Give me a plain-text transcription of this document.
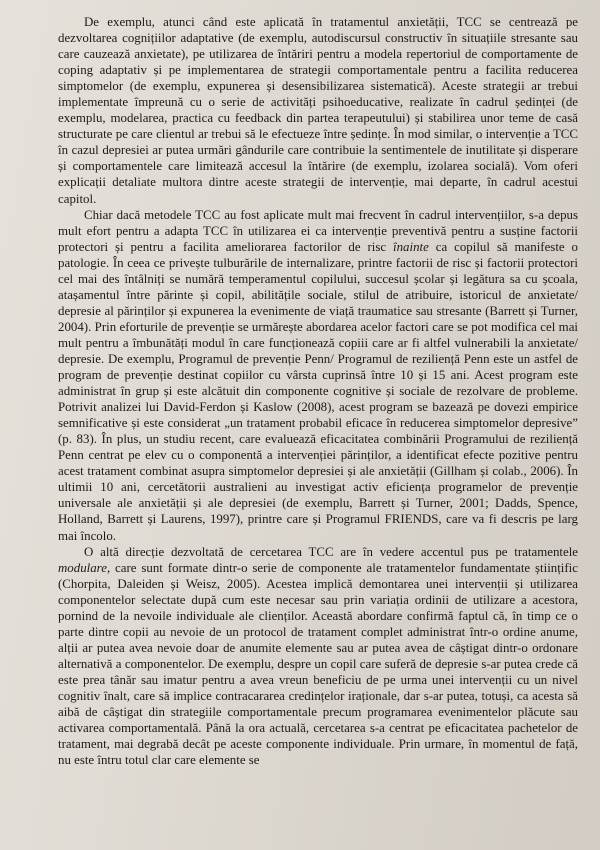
De exemplu, atunci când este aplicată în tratamentul anxietății, TCC se centrează pe dezvoltarea cognițiilor adaptative (de exemplu, autodiscursul constructiv în situațiile stresante sau care cauzează anxietate), pe utilizarea de întăriri pentru a modela repertoriul de comportamente de coping adaptativ și pe implementarea de strategii comportamentale pentru a facilita reducerea simptomelor (de exemplu, expunerea și desensibilizarea sistematică). Aceste strategii ar trebui implementate împreună cu o serie de activități psihoeducative, realizate în cadrul ședinței (de exemplu, modelarea, practica cu feedback din partea terapeutului) și stabilirea unor teme de casă structurate pe care clientul ar trebui să le efectueze între ședințe. În mod similar, o intervenție a TCC în cazul depresiei ar putea urmări gândurile care contribuie la sentimentele de inutilitate și disperare și comportamentele care limitează accesul la întărire (de exemplu, izolarea socială). Vom oferi explicații detaliate multora dintre aceste strategii de intervenție, mai departe, în cadrul acestui capitol.

Chiar dacă metodele TCC au fost aplicate mult mai frecvent în cadrul intervențiilor, s-a depus mult efort pentru a adapta TCC în utilizarea ei ca intervenție preventivă pentru a susține factorii protectori și pentru a facilita ameliorarea factorilor de risc înainte ca copilul să manifeste o patologie. În ceea ce privește tulburările de internalizare, printre factorii de risc și factorii protectori cel mai des întâlniți se numără temperamentul copilului, succesul școlar și legătura sa cu școala, atașamentul între părinte și copil, abilitățile sociale, stilul de atribuire, istoricul de anxietate/ depresie al părinților și expunerea la evenimente de viață traumatice sau stresante (Barrett și Turner, 2004). Prin eforturile de prevenție se urmărește abordarea acelor factori care se pot modifica cel mai mult pentru a îmbunătăți modul în care funcționează copiii care ar fi altfel vulnerabili la anxietate/ depresie. De exemplu, Programul de prevenție Penn/ Programul de reziliență Penn este un astfel de program de prevenție destinat copiilor cu vârsta cuprinsă între 10 și 15 ani. Acest program este administrat în grup și este alcătuit din componente cognitive și sociale de rezolvare de probleme. Potrivit analizei lui David-Ferdon și Kaslow (2008), acest program se bazează pe dovezi empirice semnificative și este considerat „un tratament probabil eficace în reducerea simptomelor depresive” (p. 83). În plus, un studiu recent, care evaluează eficacitatea combinării Programului de reziliență Penn centrat pe elev cu o componentă a intervenției părinților, a identificat efecte pozitive pentru acest tratament combinat asupra simptomelor depresiei și ale anxietății (Gillham și colab., 2006). În ultimii 10 ani, cercetătorii australieni au investigat activ eficiența programelor de prevenție universale ale anxietății și ale depresiei (de exemplu, Barrett și Turner, 2001; Dadds, Spence, Holland, Barrett și Laurens, 1997), printre care și Programul FRIENDS, care va fi descris pe larg mai încolo.

O altă direcție dezvoltată de cercetarea TCC are în vedere accentul pus pe tratamentele modulare, care sunt formate dintr-o serie de componente ale tratamentelor fundamentate științific (Chorpita, Daleiden și Weisz, 2005). Acestea implică demontarea unei intervenții și utilizarea componentelor selectate după cum este necesar sau prin variația ordinii de utilizare a acestora, pornind de la nevoile individuale ale clienților. Această abordare confirmă faptul că, în timp ce o parte dintre copii au nevoie de un protocol de tratament complet administrat într-o ordine anume, alții ar putea avea nevoie doar de anumite elemente sau ar putea avea de câștigat dintr-o ordonare alternativă a componentelor. De exemplu, despre un copil care suferă de depresie s-ar putea crede că este prea tânăr sau imatur pentru a avea vreun beneficiu de pe urma unei intervenții cu un nivel cognitiv înalt, care să implice contracararea credințelor iraționale, dar s-ar putea, totuși, ca acesta să aibă de câștigat din strategiile comportamentale precum programarea evenimentelor plăcute sau activarea comportamentală. Până la ora actuală, cercetarea s-a centrat pe eficacitatea pachetelor de tratament, mai degrabă decât pe aceste componente individuale. Prin urmare, în momentul de față, nu este întru totul clar care elemente se
